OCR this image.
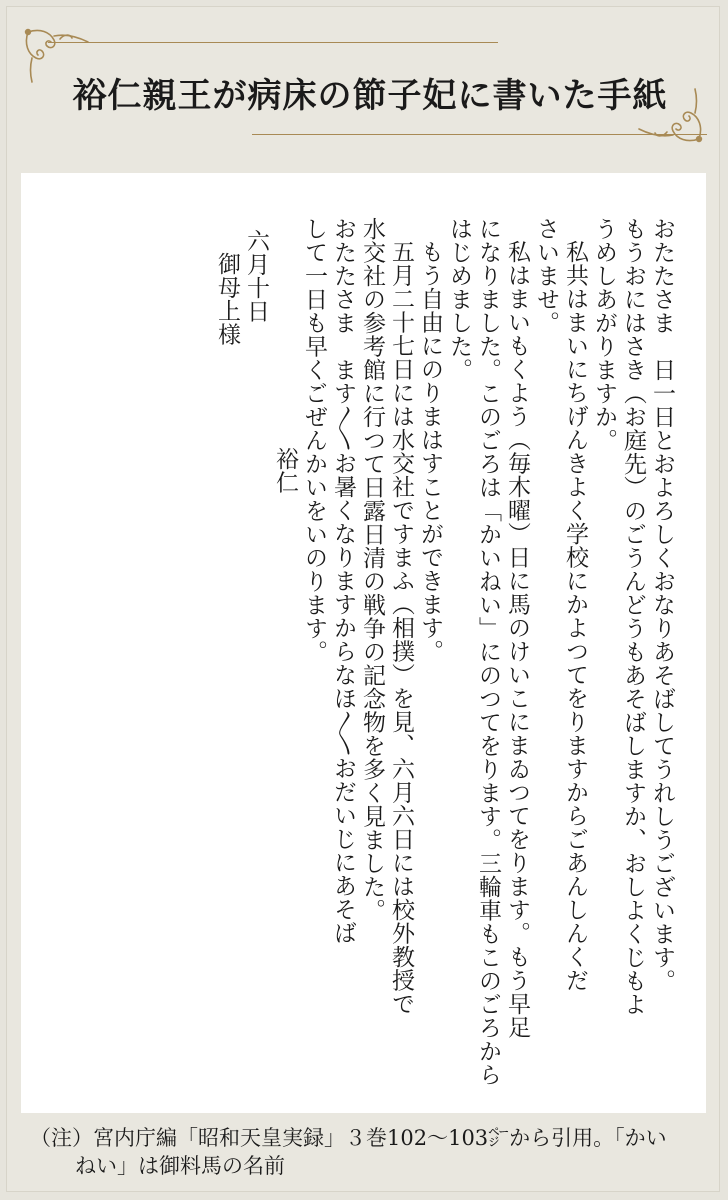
裕仁親王が病床の節子妃に書いた手紙
おたたさま　日一日とおよろしくおなりあそばしてうれしうございます。
もうおにはさき（お庭先）のごうんどうもあそばしますか、おしよくじもよ
うめしあがりますか。
私共はまいにちげんきよく学校にかよつてをりますからごあんしんくだ
さいませ。
私はまいもくよう（毎木曜）日に馬のけいこにまゐつてをります。もう早足
になりました。このごろは「かいねい」にのつてをります。三輪車もこのごろから
はじめました。
もう自由にのりまはすことができます。
五月二十七日には水交社ですまふ（相撲）を見、六月六日には校外教授で
水交社の参考館に行つて日露日清の戦争の記念物を多く見ました。
おたたさま　ます〳〵お暑くなりますからなほ〳〵おだいじにあそば
して一日も早くごぜんかいをいのります。
裕仁
六月十日
御母上様
（注）宮内庁編「昭和天皇実録」３巻102～103㌻から引用。「かい
ねい」は御料馬の名前
